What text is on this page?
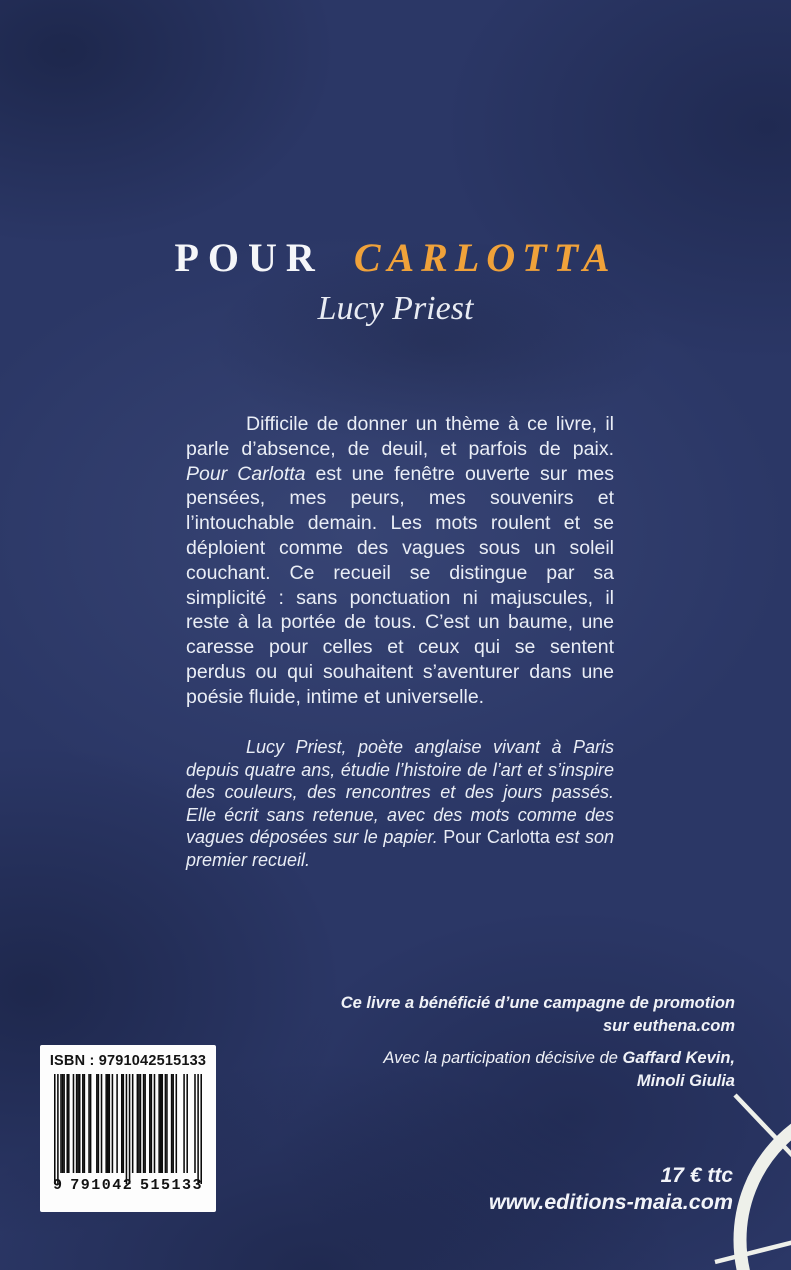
POUR CARLOTTA
Lucy Priest

Difficile de donner un thème à ce livre, il parle d’absence, de deuil, et parfois de paix. Pour Carlotta est une fenêtre ouverte sur mes pensées, mes peurs, mes souvenirs et l’intouchable demain. Les mots roulent et se déploient comme des vagues sous un soleil couchant. Ce recueil se distingue par sa simplicité : sans ponctuation ni majuscules, il reste à la portée de tous. C’est un baume, une caresse pour celles et ceux qui se sentent perdus ou qui souhaitent s’aventurer dans une poésie fluide, intime et universelle.

Lucy Priest, poète anglaise vivant à Paris depuis quatre ans, étudie l’histoire de l’art et s’inspire des couleurs, des rencontres et des jours passés. Elle écrit sans retenue, avec des mots comme des vagues déposées sur le papier. Pour Carlotta est son premier recueil.

Ce livre a bénéficié d’une campagne de promotion
sur euthena.com
Avec la participation décisive de Gaffard Kevin,
Minoli Giulia
ISBN : 9791042515133
9 791042 515133	17 € ttc
www.editions-maia.com
